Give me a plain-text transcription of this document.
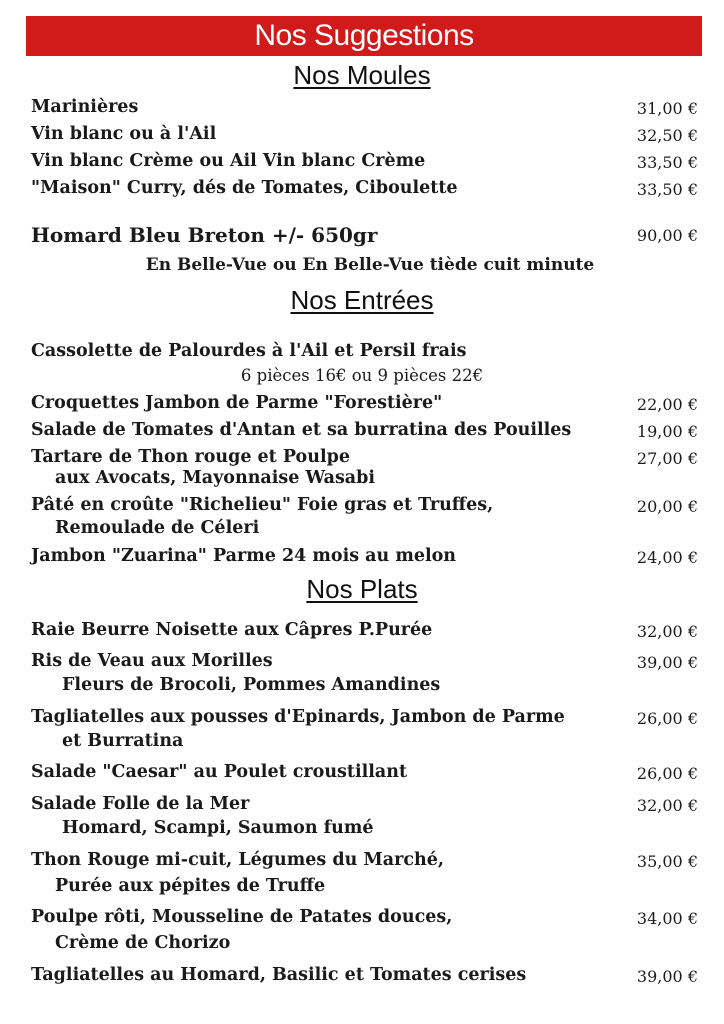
Nos Suggestions
Nos Moules
Marinières	31,00 €
Vin blanc ou à l'Ail	32,50 €
Vin blanc Crème ou Ail Vin blanc Crème	33,50 €
"Maison" Curry, dés de Tomates, Ciboulette	33,50 €
Homard Bleu Breton +/- 650gr	90,00 €
En Belle-Vue ou En Belle-Vue tiède cuit minute
Nos Entrées
Cassolette de Palourdes à l'Ail et Persil frais
6 pièces 16€ ou 9 pièces 22€
Croquettes Jambon de Parme "Forestière"	22,00 €
Salade de Tomates d'Antan et sa burratina des Pouilles	19,00 €
Tartare de Thon rouge et Poulpe	27,00 €
aux Avocats, Mayonnaise Wasabi
Pâté en croûte "Richelieu" Foie gras et Truffes,	20,00 €
Remoulade de Céleri
Jambon "Zuarina" Parme 24 mois au melon	24,00 €
Nos Plats
Raie Beurre Noisette aux Câpres P.Purée	32,00 €
Ris de Veau aux Morilles	39,00 €
Fleurs de Brocoli, Pommes Amandines
Tagliatelles aux pousses d'Epinards, Jambon de Parme	26,00 €
et Burratina
Salade "Caesar" au Poulet croustillant	26,00 €
Salade Folle de la Mer	32,00 €
Homard, Scampi, Saumon fumé
Thon Rouge mi-cuit, Légumes du Marché,	35,00 €
Purée aux pépites de Truffe
Poulpe rôti, Mousseline de Patates douces,	34,00 €
Crème de Chorizo
Tagliatelles au Homard, Basilic et Tomates cerises	39,00 €
